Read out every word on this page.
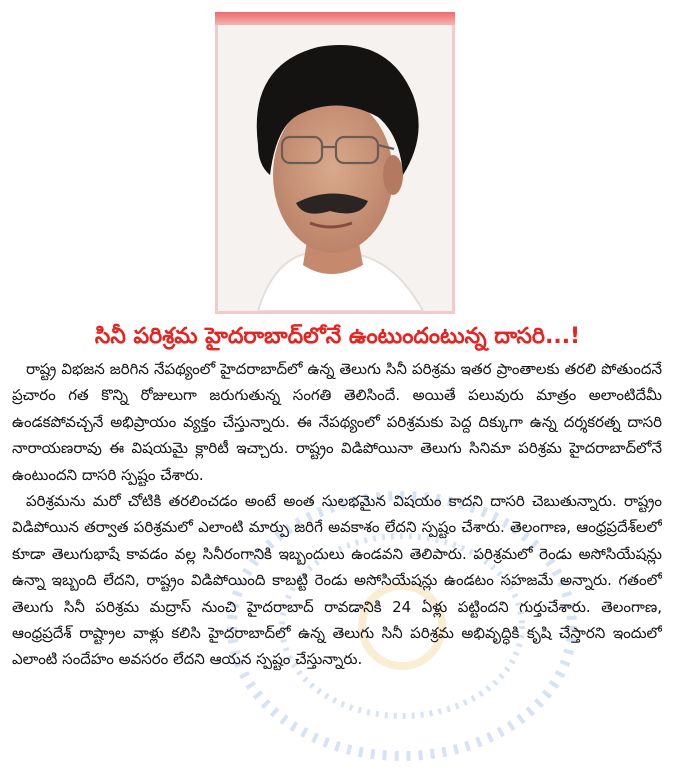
సినీ పరిశ్రమ హైదరాబాద్‌లోనే ఉంటుందంటున్న దాసరి...!

రాష్ట్ర విభజన జరిగిన నేపథ్యంలో హైదరాబాద్‌లో ఉన్న తెలుగు సినీ పరిశ్రమ ఇతర ప్రాంతాలకు తరలి పోతుందనే ప్రచారం గత కొన్ని రోజులుగా జరుగుతున్న సంగతి తెలిసిందే. అయితే పలువురు మాత్రం అలాంటిదేమీ ఉండకపోవచ్చనే అభిప్రాయం వ్యక్తం చేస్తున్నారు. ఈ నేపథ్యంలో పరిశ్రమకు పెద్ద దిక్కుగా ఉన్న దర్శకరత్న దాసరి నారాయణరావు ఈ విషయమై క్లారిటీ ఇచ్చారు. రాష్ట్రం విడిపోయినా తెలుగు సినిమా పరిశ్రమ హైదరాబాద్‌లోనే ఉంటుందని దాసరి స్పష్టం చేశారు.

పరిశ్రమను మరో చోటికి తరలించడం అంటే అంత సులభమైన విషయం కాదని దాసరి చెబుతున్నారు. రాష్ట్రం విడిపోయిన తర్వాత పరిశ్రమలో ఎలాంటి మార్పు జరిగే అవకాశం లేదని స్పష్టం చేశారు. తెలంగాణ, ఆంధ్రప్రదేశ్‌లలో కూడా తెలుగుభాషే కావడం వల్ల సినీరంగానికి ఇబ్బందులు ఉండవని తెలిపారు. పరిశ్రమలో రెండు అసోసియేషన్లు ఉన్నా ఇబ్బంది లేదని, రాష్ట్రం విడిపోయింది కాబట్టి రెండు అసోసియేషన్లు ఉండటం సహజమే అన్నారు. గతంలో తెలుగు సినీ పరిశ్రమ మద్రాస్ నుంచి హైదరాబాద్ రావడానికి 24 ఏళ్లు పట్టిందని గుర్తుచేశారు. తెలంగాణ, ఆంధ్రప్రదేశ్ రాష్ట్రాల వాళ్లు కలిసి హైదరాబాద్‌లో ఉన్న తెలుగు సినీ పరిశ్రమ అభివృద్ధికి కృషి చేస్తారని ఇందులో ఎలాంటి సందేహం అవసరం లేదని ఆయన స్పష్టం చేస్తున్నారు.
